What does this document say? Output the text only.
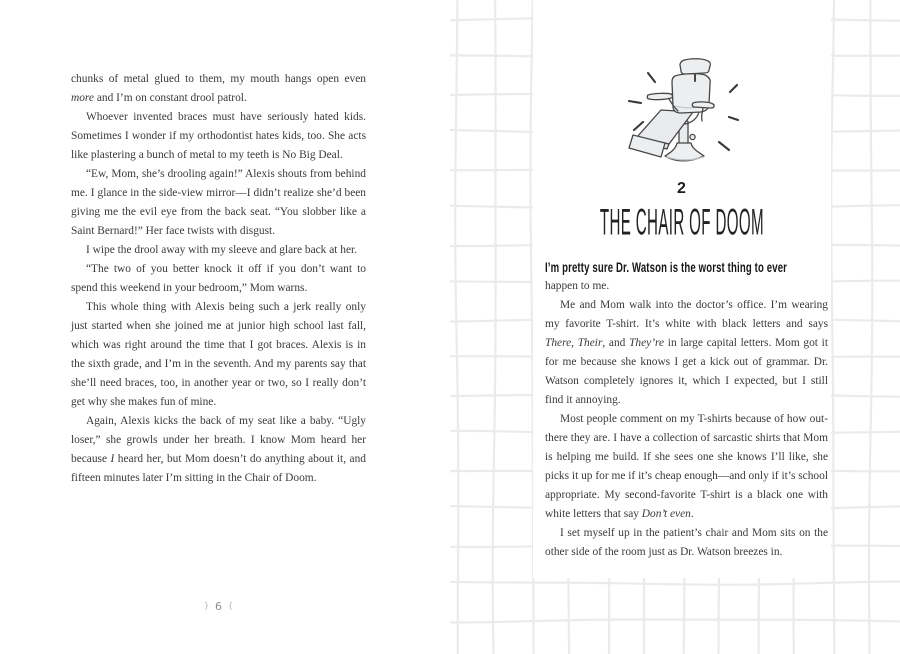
chunks of metal glued to them, my mouth hangs open even more and I’m on constant drool patrol.

Whoever invented braces must have seriously hated kids. Sometimes I wonder if my orthodontist hates kids, too. She acts like plastering a bunch of metal to my teeth is No Big Deal.

“Ew, Mom, she’s drooling again!” Alexis shouts from behind me. I glance in the side-view mirror—I didn’t realize she’d been giving me the evil eye from the back seat. “You slobber like a Saint Bernard!” Her face twists with disgust.

I wipe the drool away with my sleeve and glare back at her.

“The two of you better knock it off if you don’t want to spend this weekend in your bedroom,” Mom warns.

This whole thing with Alexis being such a jerk really only just started when she joined me at junior high school last fall, which was right around the time that I got braces. Alexis is in the sixth grade, and I’m in the seventh. And my parents say that she’ll need braces, too, in another year or two, so I really don’t get why she makes fun of mine.

Again, Alexis kicks the back of my seat like a baby. “Ugly loser,” she growls under her breath. I know Mom heard her because I heard her, but Mom doesn’t do anything about it, and fifteen minutes later I’m sitting in the Chair of Doom.

} 6 {
2
THE CHAIR OF DOOM
I’m pretty sure Dr. Watson is the worst thing to ever

happen to me.

Me and Mom walk into the doctor’s office. I’m wearing my favorite T-shirt. It’s white with black letters and says There, Their, and They’re in large capital letters. Mom got it for me because she knows I get a kick out of grammar. Dr. Watson completely ignores it, which I expected, but I still find it annoying.

Most people comment on my T-shirts because of how out-there they are. I have a collection of sarcastic shirts that Mom is helping me build. If she sees one she knows I’ll like, she picks it up for me if it’s cheap enough—and only if it’s school appropriate. My second-favorite T-shirt is a black one with white letters that say Don’t even.

I set myself up in the patient’s chair and Mom sits on the other side of the room just as Dr. Watson breezes in.
